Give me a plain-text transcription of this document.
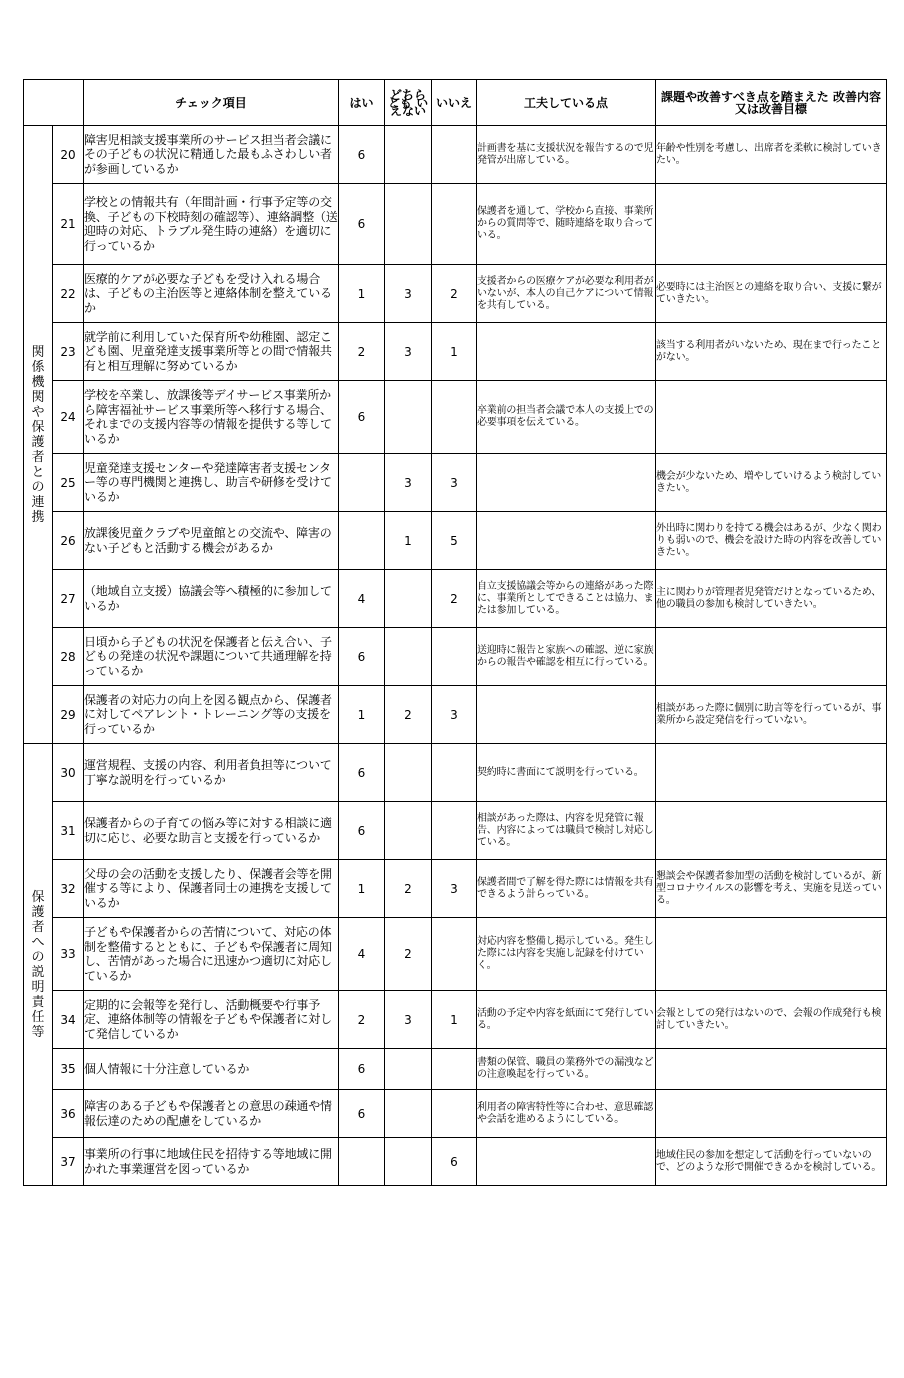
		チェック項目	はい	どちらとも いえない	いいえ	工夫している点	課題や改善すべき点を踏まえた 改善内容又は改善目標
関係機関や保護者との連携	20	障害児相談支援事業所のサービス担当者会議にその子どもの状況に精通した最もふさわしい者が参画しているか	6			計画書を基に支援状況を報告するので児発管が出席している。	年齢や性別を考慮し、出席者を柔軟に検討していきたい。
	21	学校との情報共有（年間計画・行事予定等の交換、子どもの下校時刻の確認等）、連絡調整（送迎時の対応、トラブル発生時の連絡）を適切に行っているか	6			保護者を通して、学校から直接、事業所からの質問等で、随時連絡を取り合っている。	
	22	医療的ケアが必要な子どもを受け入れる場合は、子どもの主治医等と連絡体制を整えているか	1	3	2	支援者からの医療ケアが必要な利用者がいないが、本人の自己ケアについて情報を共有している。	必要時には主治医との連絡を取り合い、支援に繋がていきたい。
	23	就学前に利用していた保育所や幼稚園、認定こども園、児童発達支援事業所等との間で情報共有と相互理解に努めているか	2	3	1		該当する利用者がいないため、現在まで行ったことがない。
	24	学校を卒業し、放課後等デイサービス事業所から障害福祉サービス事業所等へ移行する場合、それまでの支援内容等の情報を提供する等しているか	6			卒業前の担当者会議で本人の支援上での必要事項を伝えている。	
	25	児童発達支援センターや発達障害者支援センター等の専門機関と連携し、助言や研修を受けているか		3	3		機会が少ないため、増やしていけるよう検討していきたい。
	26	放課後児童クラブや児童館との交流や、障害のない子どもと活動する機会があるか		1	5		外出時に関わりを持てる機会はあるが、少なく関わりも弱いので、機会を設けた時の内容を改善していきたい。
	27	（地域自立支援）協議会等へ積極的に参加しているか	4		2	自立支援協議会等からの連絡があった際に、事業所としてできることは協力、または参加している。	主に関わりが管理者児発管だけとなっているため、他の職員の参加も検討していきたい。
	28	日頃から子どもの状況を保護者と伝え合い、子どもの発達の状況や課題について共通理解を持っているか	6			送迎時に報告と家族への確認、逆に家族からの報告や確認を相互に行っている。	
	29	保護者の対応力の向上を図る観点から、保護者に対してペアレント・トレーニング等の支援を行っているか	1	2	3		相談があった際に個別に助言等を行っているが、事業所から設定発信を行っていない。
保護者への説明責任等	30	運営規程、支援の内容、利用者負担等について丁寧な説明を行っているか	6			契約時に書面にて説明を行っている。	
	31	保護者からの子育ての悩み等に対する相談に適切に応じ、必要な助言と支援を行っているか	6			相談があった際は、内容を児発管に報告、内容によっては職員で検討し対応している。	
	32	父母の会の活動を支援したり、保護者会等を開催する等により、保護者同士の連携を支援しているか	1	2	3	保護者間で了解を得た際には情報を共有できるよう計らっている。	懇談会や保護者参加型の活動を検討しているが、新型コロナウイルスの影響を考え、実施を見送っている。
	33	子どもや保護者からの苦情について、対応の体制を整備するとともに、子どもや保護者に周知し、苦情があった場合に迅速かつ適切に対応しているか	4	2		対応内容を整備し掲示している。発生した際には内容を実施し記録を付けていく。	
	34	定期的に会報等を発行し、活動概要や行事予定、連絡体制等の情報を子どもや保護者に対して発信しているか	2	3	1	活動の予定や内容を紙面にて発行している。	会報としての発行はないので、会報の作成発行も検討していきたい。
	35	個人情報に十分注意しているか	6			書類の保管、職員の業務外での漏洩などの注意喚起を行っている。	
	36	障害のある子どもや保護者との意思の疎通や情報伝達のための配慮をしているか	6			利用者の障害特性等に合わせ、意思確認や会話を進めるようにしている。	
	37	事業所の行事に地域住民を招待する等地域に開かれた事業運営を図っているか			6		地域住民の参加を想定して活動を行っていないので、どのような形で開催できるかを検討している。
